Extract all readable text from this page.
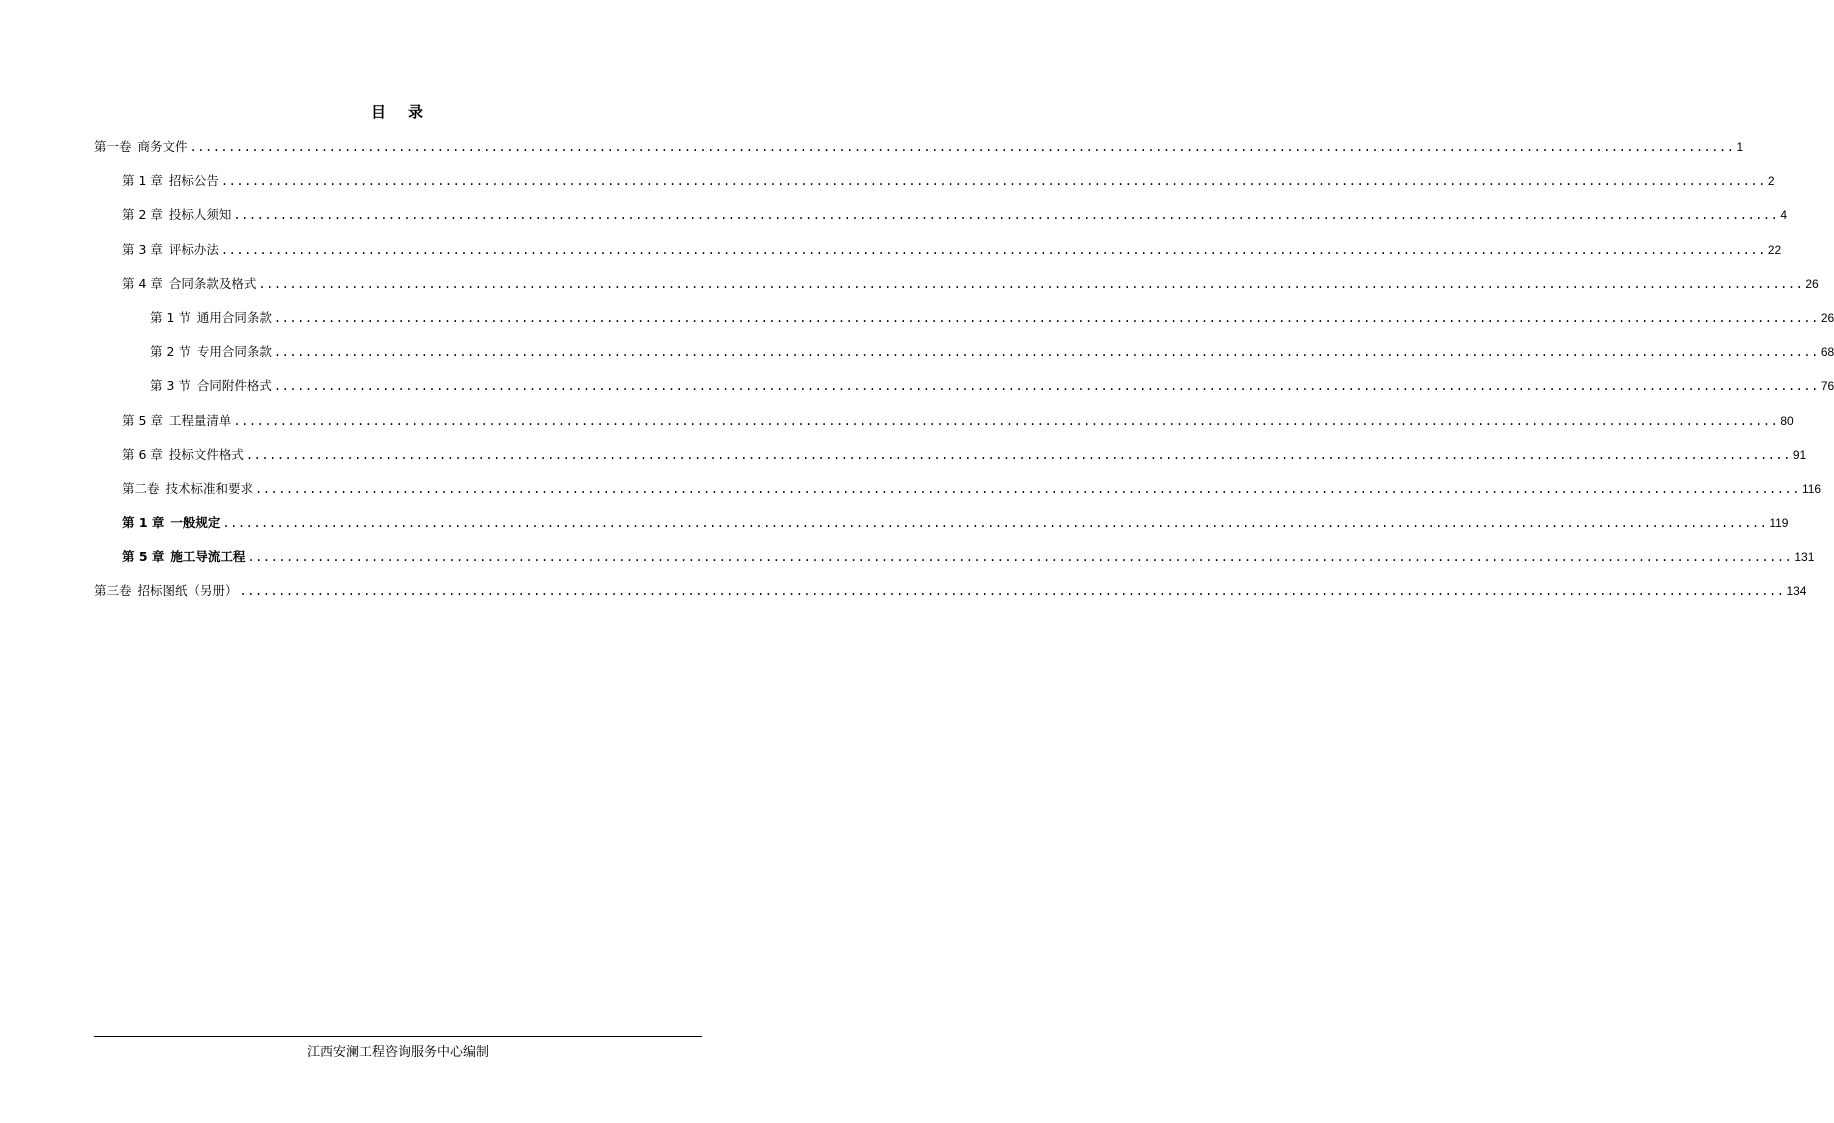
目 录
第一卷 商务文件 ........................................................................................................................................................................................................ 1
第 1 章 招标公告 ........................................................................................................................................................................................................ 2
第 2 章 投标人须知 ........................................................................................................................................................................................................ 4
第 3 章 评标办法 ........................................................................................................................................................................................................ 22
第 4 章 合同条款及格式 ........................................................................................................................................................................................................ 26
第 1 节 通用合同条款 ........................................................................................................................................................................................................ 26
第 2 节 专用合同条款 ........................................................................................................................................................................................................ 68
第 3 节 合同附件格式 ........................................................................................................................................................................................................ 76
第 5 章 工程量清单 ........................................................................................................................................................................................................ 80
第 6 章 投标文件格式 ........................................................................................................................................................................................................ 91
第二卷 技术标准和要求 ........................................................................................................................................................................................................ 116
第 1 章 一般规定 ........................................................................................................................................................................................................ 119
第 5 章 施工导流工程 ........................................................................................................................................................................................................ 131
第三卷 招标图纸（另册） ........................................................................................................................................................................................................ 134
江西安澜工程咨询服务中心编制
